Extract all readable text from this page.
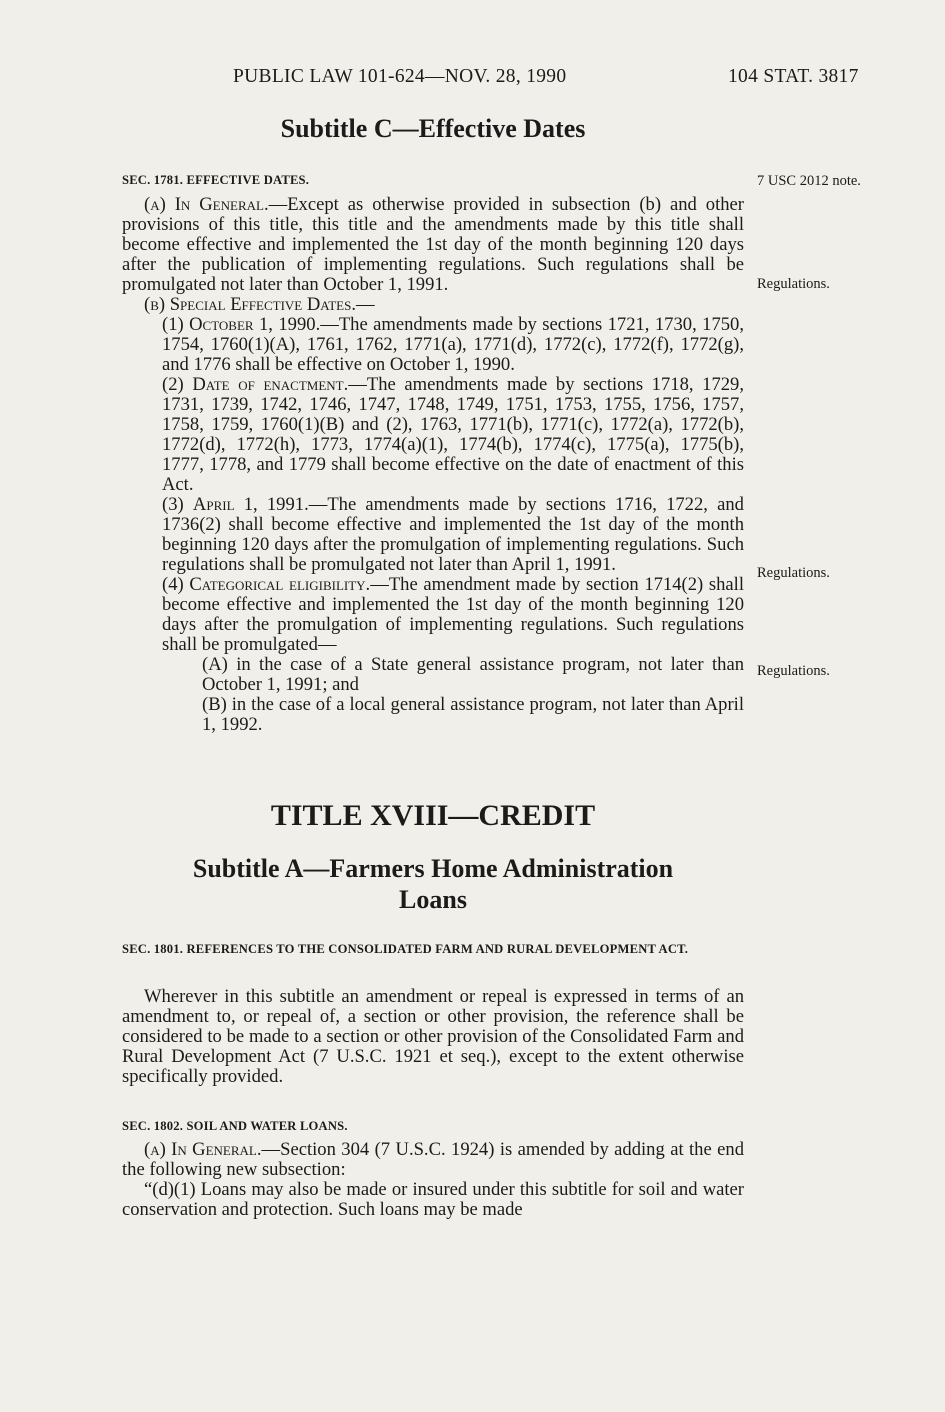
PUBLIC LAW 101-624—NOV. 28, 1990	104 STAT. 3817
Subtitle C—Effective Dates
SEC. 1781. EFFECTIVE DATES.	7 USC 2012 note.

(a) In General.—Except as otherwise provided in subsection (b) and other provisions of this title, this title and the amendments made by this title shall become effective and implemented the 1st day of the month beginning 120 days after the publication of implementing regulations. Such regulations shall be promulgated not later than October 1, 1991.

(b) Special Effective Dates.—

(1) October 1, 1990.—The amendments made by sections 1721, 1730, 1750, 1754, 1760(1)(A), 1761, 1762, 1771(a), 1771(d), 1772(c), 1772(f), 1772(g), and 1776 shall be effective on October 1, 1990.

(2) Date of enactment.—The amendments made by sections 1718, 1729, 1731, 1739, 1742, 1746, 1747, 1748, 1749, 1751, 1753, 1755, 1756, 1757, 1758, 1759, 1760(1)(B) and (2), 1763, 1771(b), 1771(c), 1772(a), 1772(b), 1772(d), 1772(h), 1773, 1774(a)(1), 1774(b), 1774(c), 1775(a), 1775(b), 1777, 1778, and 1779 shall become effective on the date of enactment of this Act.

(3) April 1, 1991.—The amendments made by sections 1716, 1722, and 1736(2) shall become effective and implemented the 1st day of the month beginning 120 days after the promulgation of implementing regulations. Such regulations shall be promulgated not later than April 1, 1991.

(4) Categorical eligibility.—The amendment made by section 1714(2) shall become effective and implemented the 1st day of the month beginning 120 days after the promulgation of implementing regulations. Such regulations shall be promulgated—

(A) in the case of a State general assistance program, not later than October 1, 1991; and

(B) in the case of a local general assistance program, not later than April 1, 1992.

Regulations.
Regulations.
Regulations.
TITLE XVIII—CREDIT
Subtitle A—Farmers Home Administration
Loans
SEC. 1801. REFERENCES TO THE CONSOLIDATED FARM AND RURAL DEVELOPMENT ACT.

Wherever in this subtitle an amendment or repeal is expressed in terms of an amendment to, or repeal of, a section or other provision, the reference shall be considered to be made to a section or other provision of the Consolidated Farm and Rural Development Act (7 U.S.C. 1921 et seq.), except to the extent otherwise specifically provided.

SEC. 1802. SOIL AND WATER LOANS.

(a) In General.—Section 304 (7 U.S.C. 1924) is amended by adding at the end the following new subsection:

“(d)(1) Loans may also be made or insured under this subtitle for soil and water conservation and protection. Such loans may be made
